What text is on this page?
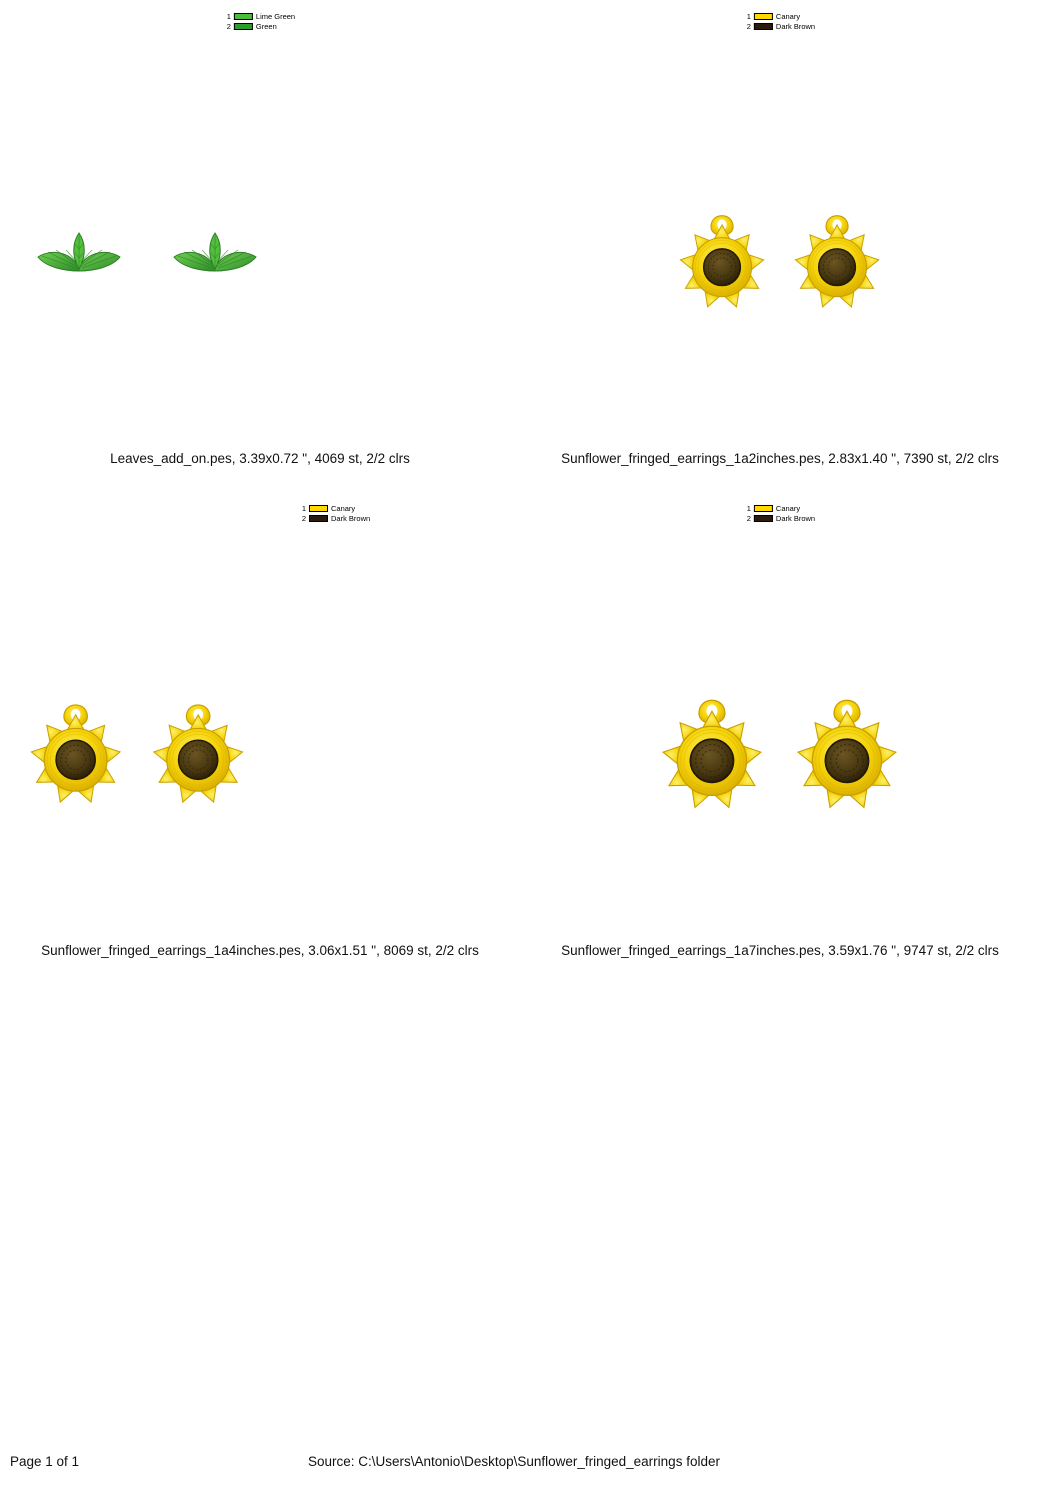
1	Lime Green
2	Green
Leaves_add_on.pes, 3.39x0.72 ", 4069 st, 2/2 clrs
1	Canary
2	Dark Brown
Sunflower_fringed_earrings_1a2inches.pes, 2.83x1.40 ", 7390 st, 2/2 clrs
1	Canary
2	Dark Brown
Sunflower_fringed_earrings_1a4inches.pes, 3.06x1.51 ", 8069 st, 2/2 clrs
1	Canary
2	Dark Brown
Sunflower_fringed_earrings_1a7inches.pes, 3.59x1.76 ", 9747 st, 2/2 clrs
Page 1 of 1	Source: C:\Users\Antonio\Desktop\Sunflower_fringed_earrings folder
